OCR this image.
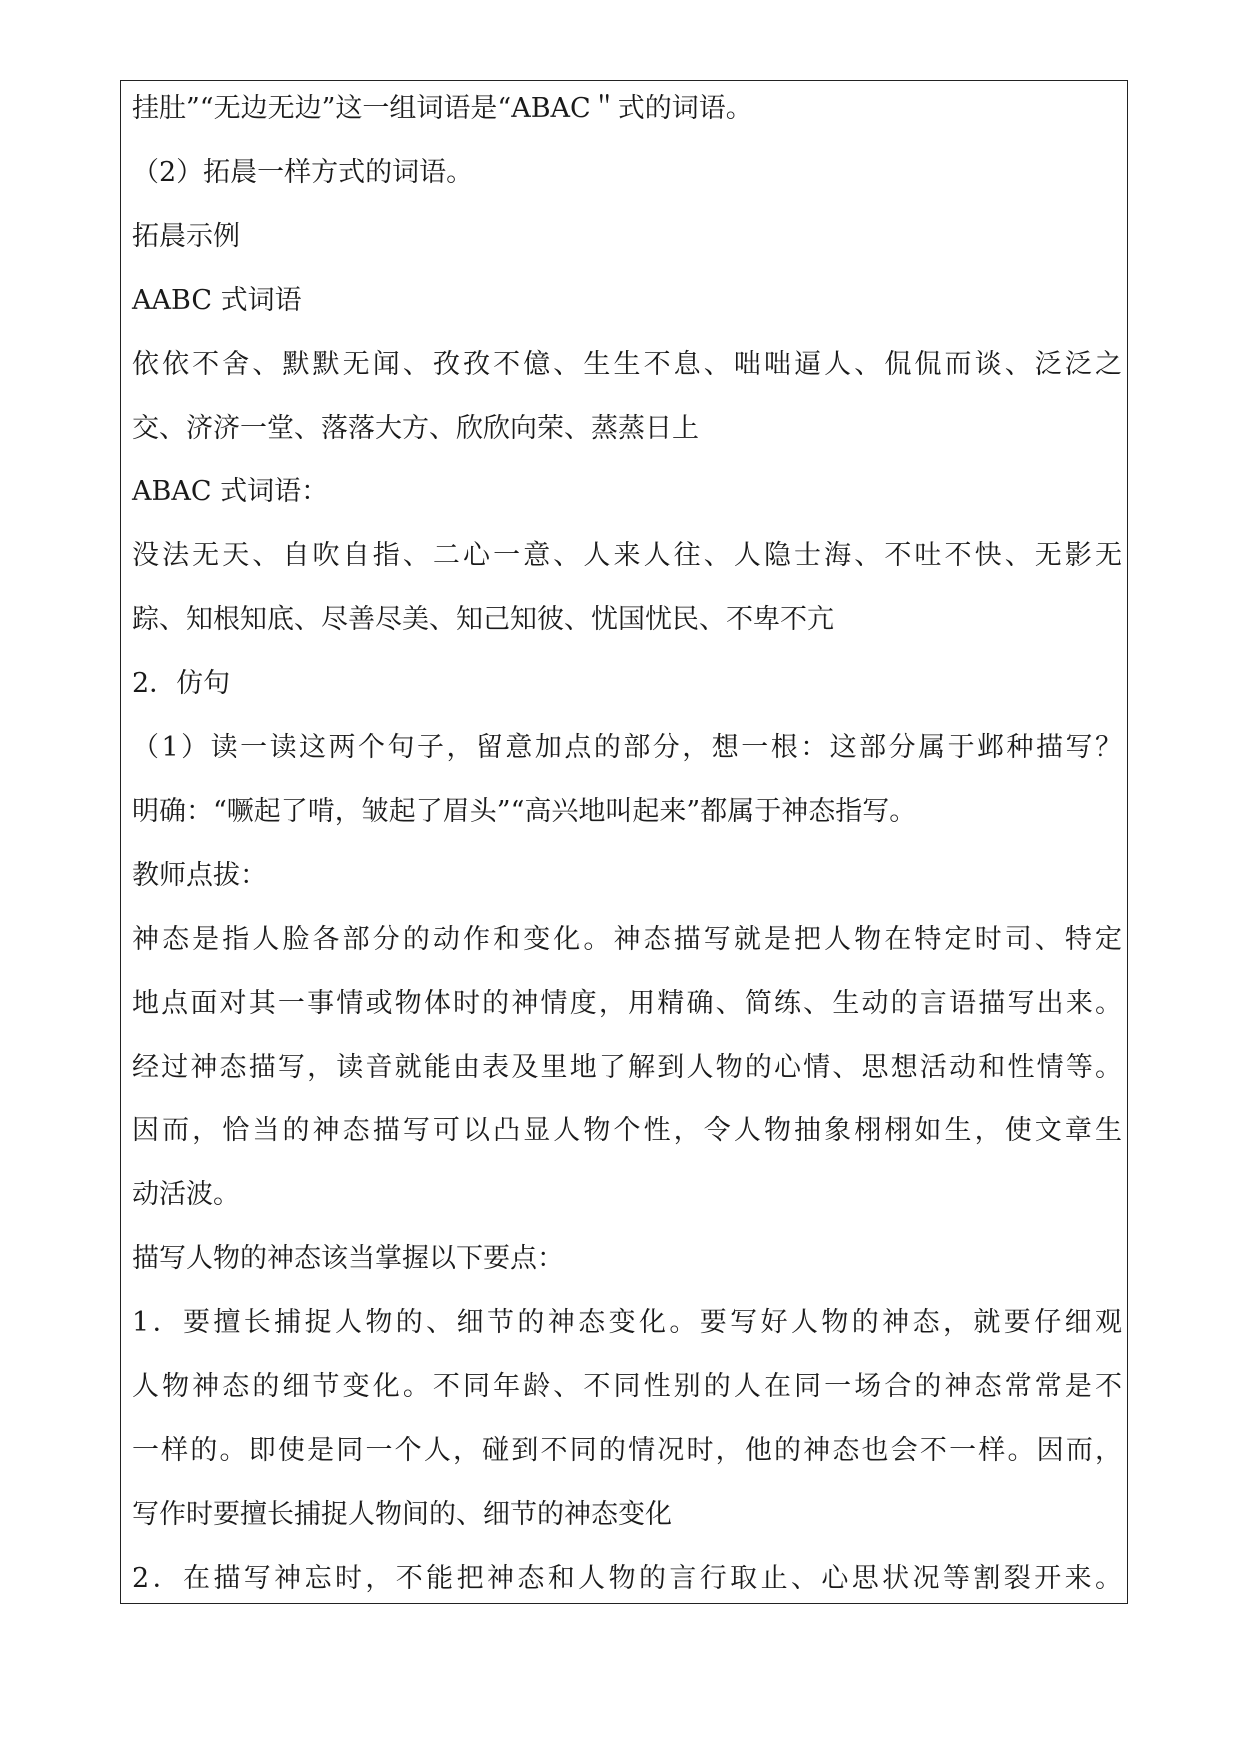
挂肚”“无边无边”这一组词语是“ABAC＂式的词语。
（2）拓晨一样方式的词语。
拓晨示例
AABC 式词语
依依不舍、默默无闻、孜孜不億、生生不息、咄咄逼人、侃侃而谈、泛泛之
交、济济一堂、落落大方、欣欣向荣、蒸蒸日上
ABAC 式词语：
没法无天、自吹自指、二心一意、人来人往、人隐士海、不吐不快、无影无
踪、知根知底、尽善尽美、知己知彼、忧国忧民、不卑不亢
2．仿句
（1）读一读这两个句子，留意加点的部分，想一根：这部分属于邺种描写？
明确：“噘起了啃，皱起了眉头”“高兴地叫起来”都属于神态指写。
教师点拔：
神态是指人脸各部分的动作和变化。神态描写就是把人物在特定时司、特定
地点面对其一事情或物体时的神情度，用精确、简练、生动的言语描写出来。
经过神态描写，读音就能由表及里地了解到人物的心情、思想活动和性情等。
因而，恰当的神态描写可以凸显人物个性，令人物抽象栩栩如生，使文章生
动活波。
描写人物的神态该当掌握以下要点：
1．要擅长捕捉人物的、细节的神态变化。要写好人物的神态，就要仔细观
人物神态的细节变化。不同年龄、不同性别的人在同一场合的神态常常是不
一样的。即使是同一个人，碰到不同的情况时，他的神态也会不一样。因而，
写作时要擅长捕捉人物间的、细节的神态变化
2．在描写神忘时，不能把神态和人物的言行取止、心思状况等割裂开来。
